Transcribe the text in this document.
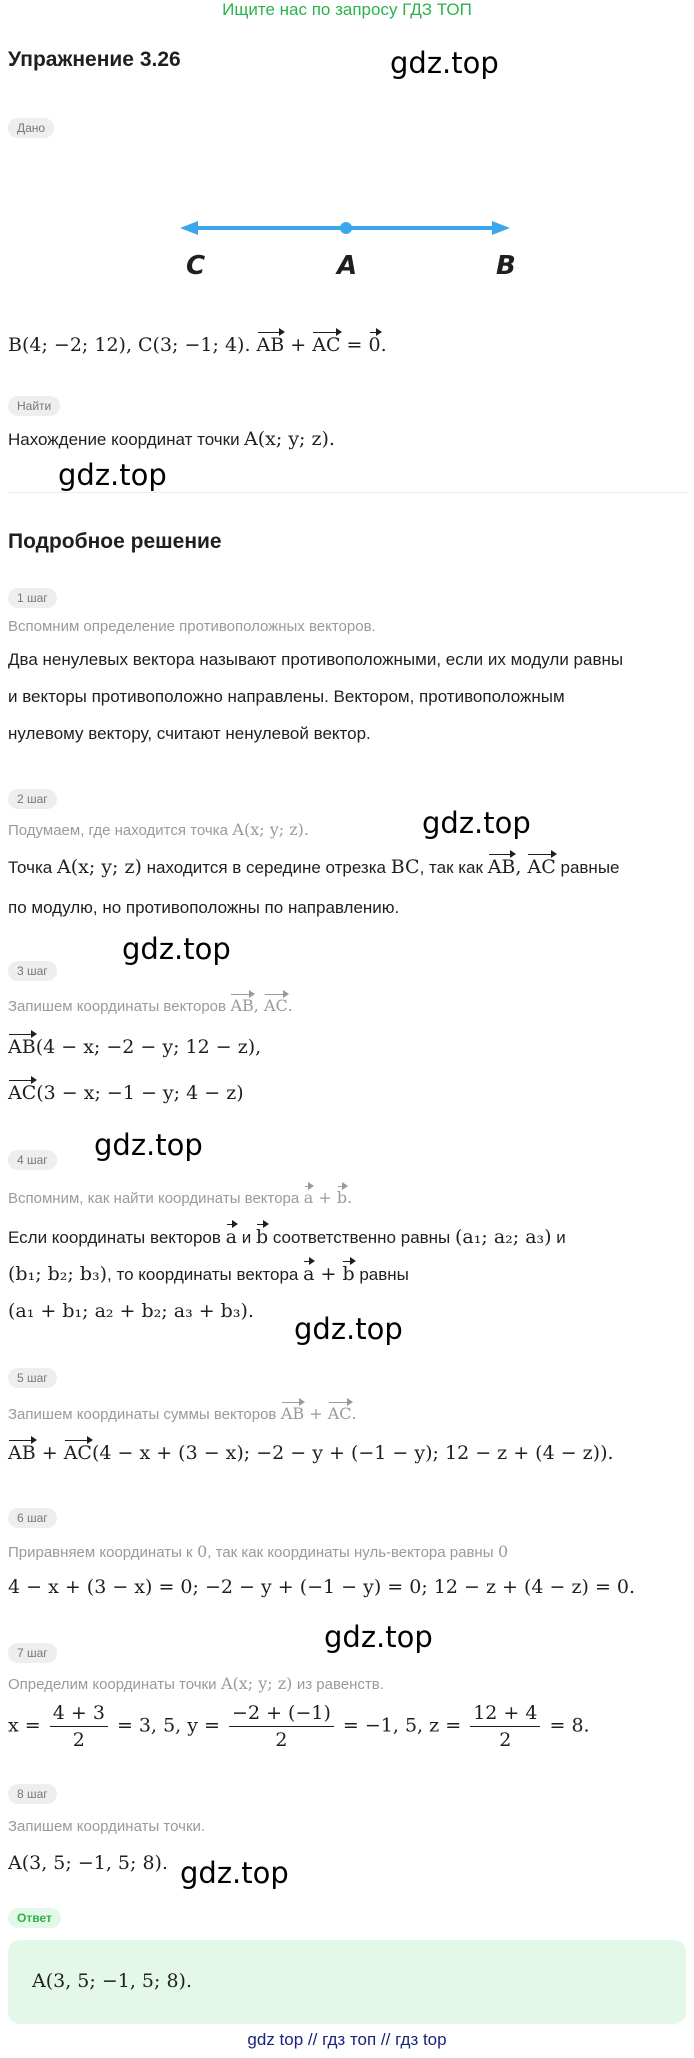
Ищите нас по запросу ГДЗ ТОП
Упражнение 3.26	gdz.top
Дано
C	A	B
B(4; −2; 12), C(3; −1; 4). AB + AC = 0.
Найти
Нахождение координат точки A(x; y; z).
gdz.top
Подробное решение
1 шаг
Вспомним определение противоположных векторов.
Два ненулевых вектора называют противоположными, если их модули равны
и векторы противоположно направлены. Вектором, противоположным
нулевому вектору, считают ненулевой вектор.
2 шаг
gdz.top
Подумаем, где находится точка A(x; y; z).
Точка A(x; y; z) находится в середине отрезка BC, так как AB, AC равные
по модулю, но противоположны по направлению.
gdz.top
3 шаг
Запишем координаты векторов AB, AC.
AB(4 − x; −2 − y; 12 − z),
AC(3 − x; −1 − y; 4 − z)
4 шаг	gdz.top
Вспомним, как найти координаты вектора a + b.
Если координаты векторов a и b соответственно равны (a₁; a₂; a₃) и
(b₁; b₂; b₃), то координаты вектора a + b равны
(a₁ + b₁; a₂ + b₂; a₃ + b₃).
gdz.top
5 шаг
Запишем координаты суммы векторов AB + AC.
AB + AC(4 − x + (3 − x); −2 − y + (−1 − y); 12 − z + (4 − z)).
6 шаг
Приравняем координаты к 0, так как координаты нуль-вектора равны 0
4 − x + (3 − x) = 0; −2 − y + (−1 − y) = 0; 12 − z + (4 − z) = 0.
gdz.top
7 шаг
Определим координаты точки A(x; y; z) из равенств.
$x = \frac{4 + 3}{2} = 3$, 5, $y = \frac{-2 + (-1)}{2} = -1$, 5, $z = \frac{12 + 4}{2} = 8$.
8 шаг
Запишем координаты точки.
A(3, 5; −1, 5; 8). gdz.top
Ответ
A(3, 5; −1, 5; 8).
gdz top // гдз топ // гдз top
